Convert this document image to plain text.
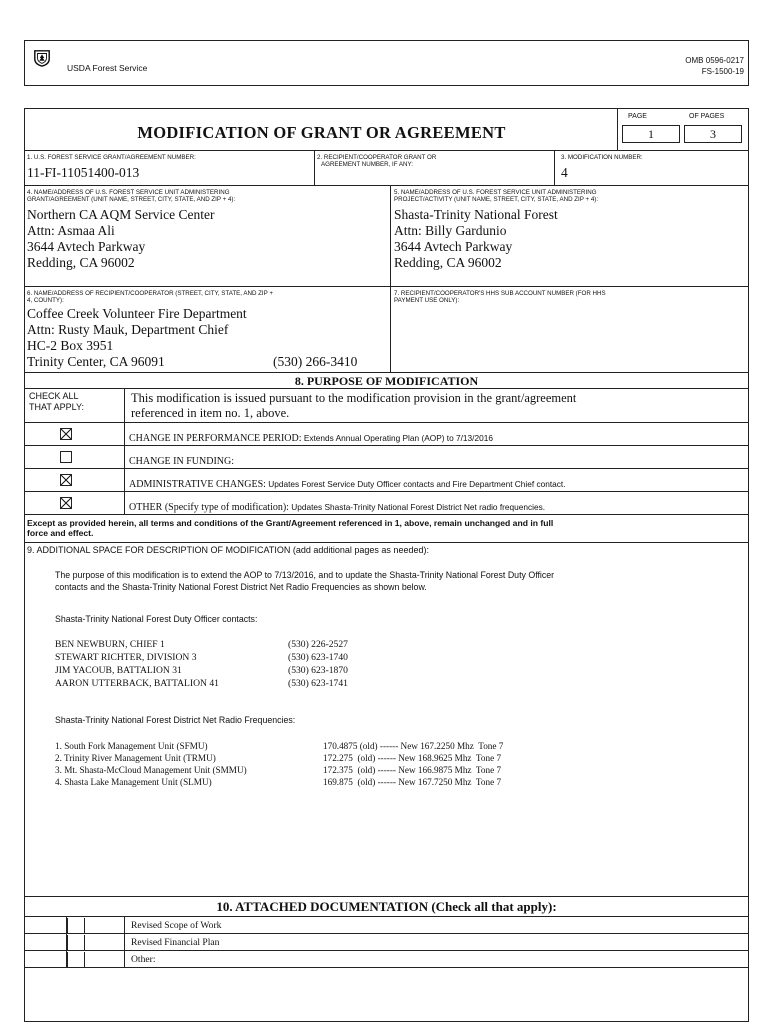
USDA Forest Service
OMB 0596-0217
FS-1500-19
MODIFICATION OF GRANT OR AGREEMENT
PAGE	OF PAGES
1	3
1. U.S. FOREST SERVICE GRANT/AGREEMENT NUMBER:
11-FI-11051400-013
2. RECIPIENT/COOPERATOR GRANT OR
AGREEMENT NUMBER, IF ANY:
3. MODIFICATION NUMBER:
4
4. NAME/ADDRESS OF U.S. FOREST SERVICE UNIT ADMINISTERING
GRANT/AGREEMENT (UNIT NAME, STREET, CITY, STATE, AND ZIP + 4):
Northern CA AQM Service Center
Attn: Asmaa Ali
3644 Avtech Parkway
Redding, CA 96002
5. NAME/ADDRESS OF U.S. FOREST SERVICE UNIT ADMINISTERING
PROJECT/ACTIVITY (UNIT NAME, STREET, CITY, STATE, AND ZIP + 4):
Shasta-Trinity National Forest
Attn: Billy Gardunio
3644 Avtech Parkway
Redding, CA 96002
6. NAME/ADDRESS OF RECIPIENT/COOPERATOR (STREET, CITY, STATE, AND ZIP +
4, COUNTY):
Coffee Creek Volunteer Fire Department
Attn: Rusty Mauk, Department Chief
HC-2 Box 3951
Trinity Center, CA 96091	(530) 266-3410
7. RECIPIENT/COOPERATOR'S HHS SUB ACCOUNT NUMBER (FOR HHS
PAYMENT USE ONLY):
8. PURPOSE OF MODIFICATION
CHECK ALL
THAT APPLY:
This modification is issued pursuant to the modification provision in the grant/agreement
referenced in item no. 1, above.
CHANGE IN PERFORMANCE PERIOD: Extends Annual Operating Plan (AOP) to 7/13/2016
CHANGE IN FUNDING:
ADMINISTRATIVE CHANGES: Updates Forest Service Duty Officer contacts and Fire Department Chief contact.
OTHER (Specify type of modification): Updates Shasta-Trinity National Forest District Net radio frequencies.
Except as provided herein, all terms and conditions of the Grant/Agreement referenced in 1, above, remain unchanged and in full
force and effect.
9. ADDITIONAL SPACE FOR DESCRIPTION OF MODIFICATION (add additional pages as needed):
The purpose of this modification is to extend the AOP to 7/13/2016, and to update the Shasta-Trinity National Forest Duty Officer
contacts and the Shasta-Trinity National Forest District Net Radio Frequencies as shown below.
Shasta-Trinity National Forest Duty Officer contacts:
BEN NEWBURN, CHIEF 1	(530) 226-2527
STEWART RICHTER, DIVISION 3	(530) 623-1740
JIM YACOUB, BATTALION 31	(530) 623-1870
AARON UTTERBACK, BATTALION 41	(530) 623-1741
Shasta-Trinity National Forest District Net Radio Frequencies:
1. South Fork Management Unit (SFMU)	170.4875 (old) ------ New 167.2250 Mhz  Tone 7
2. Trinity River Management Unit (TRMU)	172.275  (old) ------ New 168.9625 Mhz  Tone 7
3. Mt. Shasta-McCloud Management Unit (SMMU)	172.375  (old) ------ New 166.9875 Mhz  Tone 7
4. Shasta Lake Management Unit (SLMU)	169.875  (old) ------ New 167.7250 Mhz  Tone 7
10. ATTACHED DOCUMENTATION (Check all that apply):
Revised Scope of Work
Revised Financial Plan
Other:
